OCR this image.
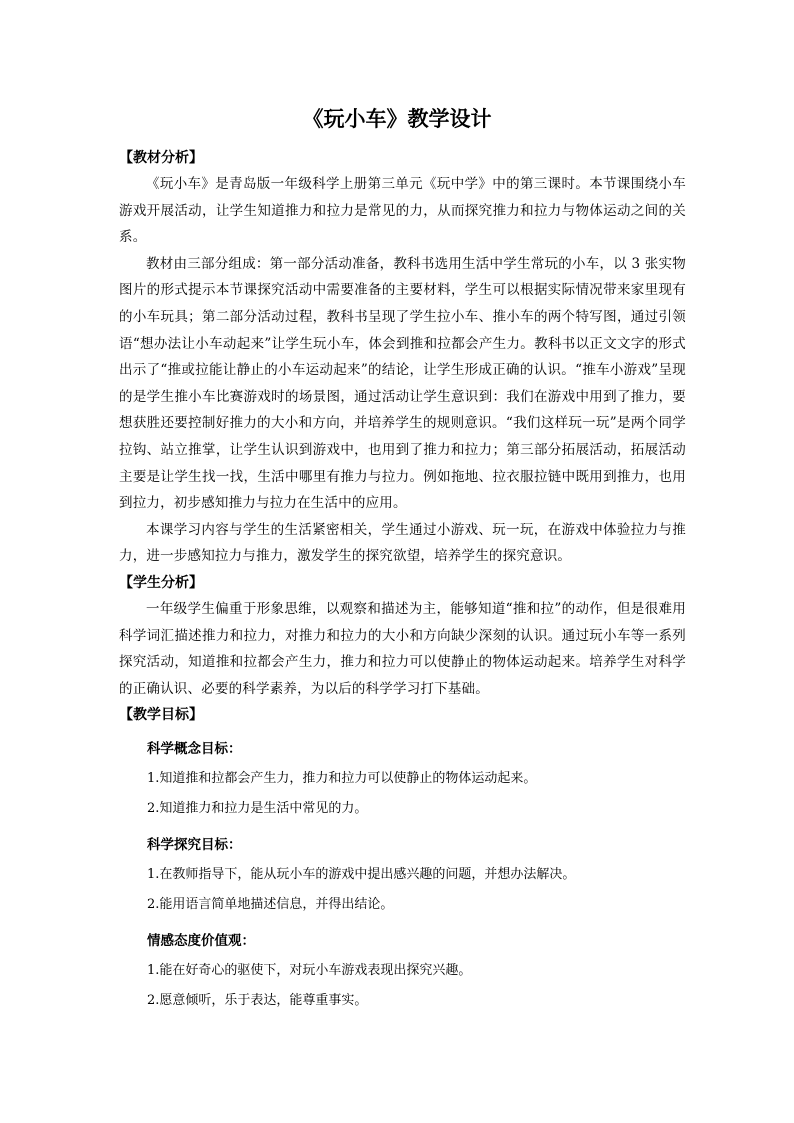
《玩小车》教学设计
【教材分析】

《玩小车》是青岛版一年级科学上册第三单元《玩中学》中的第三课时。本节课围绕小车游戏开展活动，让学生知道推力和拉力是常见的力，从而探究推力和拉力与物体运动之间的关系。

教材由三部分组成：第一部分活动准备，教科书选用生活中学生常玩的小车，以 3 张实物图片的形式提示本节课探究活动中需要准备的主要材料，学生可以根据实际情况带来家里现有的小车玩具；第二部分活动过程，教科书呈现了学生拉小车、推小车的两个特写图，通过引领语“想办法让小车动起来”让学生玩小车，体会到推和拉都会产生力。教科书以正文文字的形式出示了“推或拉能让静止的小车运动起来”的结论，让学生形成正确的认识。“推车小游戏”呈现的是学生推小车比赛游戏时的场景图，通过活动让学生意识到：我们在游戏中用到了推力，要想获胜还要控制好推力的大小和方向，并培养学生的规则意识。“我们这样玩一玩”是两个同学拉钩、站立推掌，让学生认识到游戏中，也用到了推力和拉力；第三部分拓展活动，拓展活动主要是让学生找一找，生活中哪里有推力与拉力。例如拖地、拉衣服拉链中既用到推力，也用到拉力，初步感知推力与拉力在生活中的应用。

本课学习内容与学生的生活紧密相关，学生通过小游戏、玩一玩，在游戏中体验拉力与推力，进一步感知拉力与推力，激发学生的探究欲望，培养学生的探究意识。

【学生分析】

一年级学生偏重于形象思维，以观察和描述为主，能够知道“推和拉”的动作，但是很难用科学词汇描述推力和拉力，对推力和拉力的大小和方向缺少深刻的认识。通过玩小车等一系列探究活动，知道推和拉都会产生力，推力和拉力可以使静止的物体运动起来。培养学生对科学的正确认识、必要的科学素养，为以后的科学学习打下基础。

【教学目标】
科学概念目标：
1.知道推和拉都会产生力，推力和拉力可以使静止的物体运动起来。
2.知道推力和拉力是生活中常见的力。
科学探究目标：
1.在教师指导下，能从玩小车的游戏中提出感兴趣的问题，并想办法解决。
2.能用语言简单地描述信息，并得出结论。
情感态度价值观：
1.能在好奇心的驱使下，对玩小车游戏表现出探究兴趣。
2.愿意倾听，乐于表达，能尊重事实。
